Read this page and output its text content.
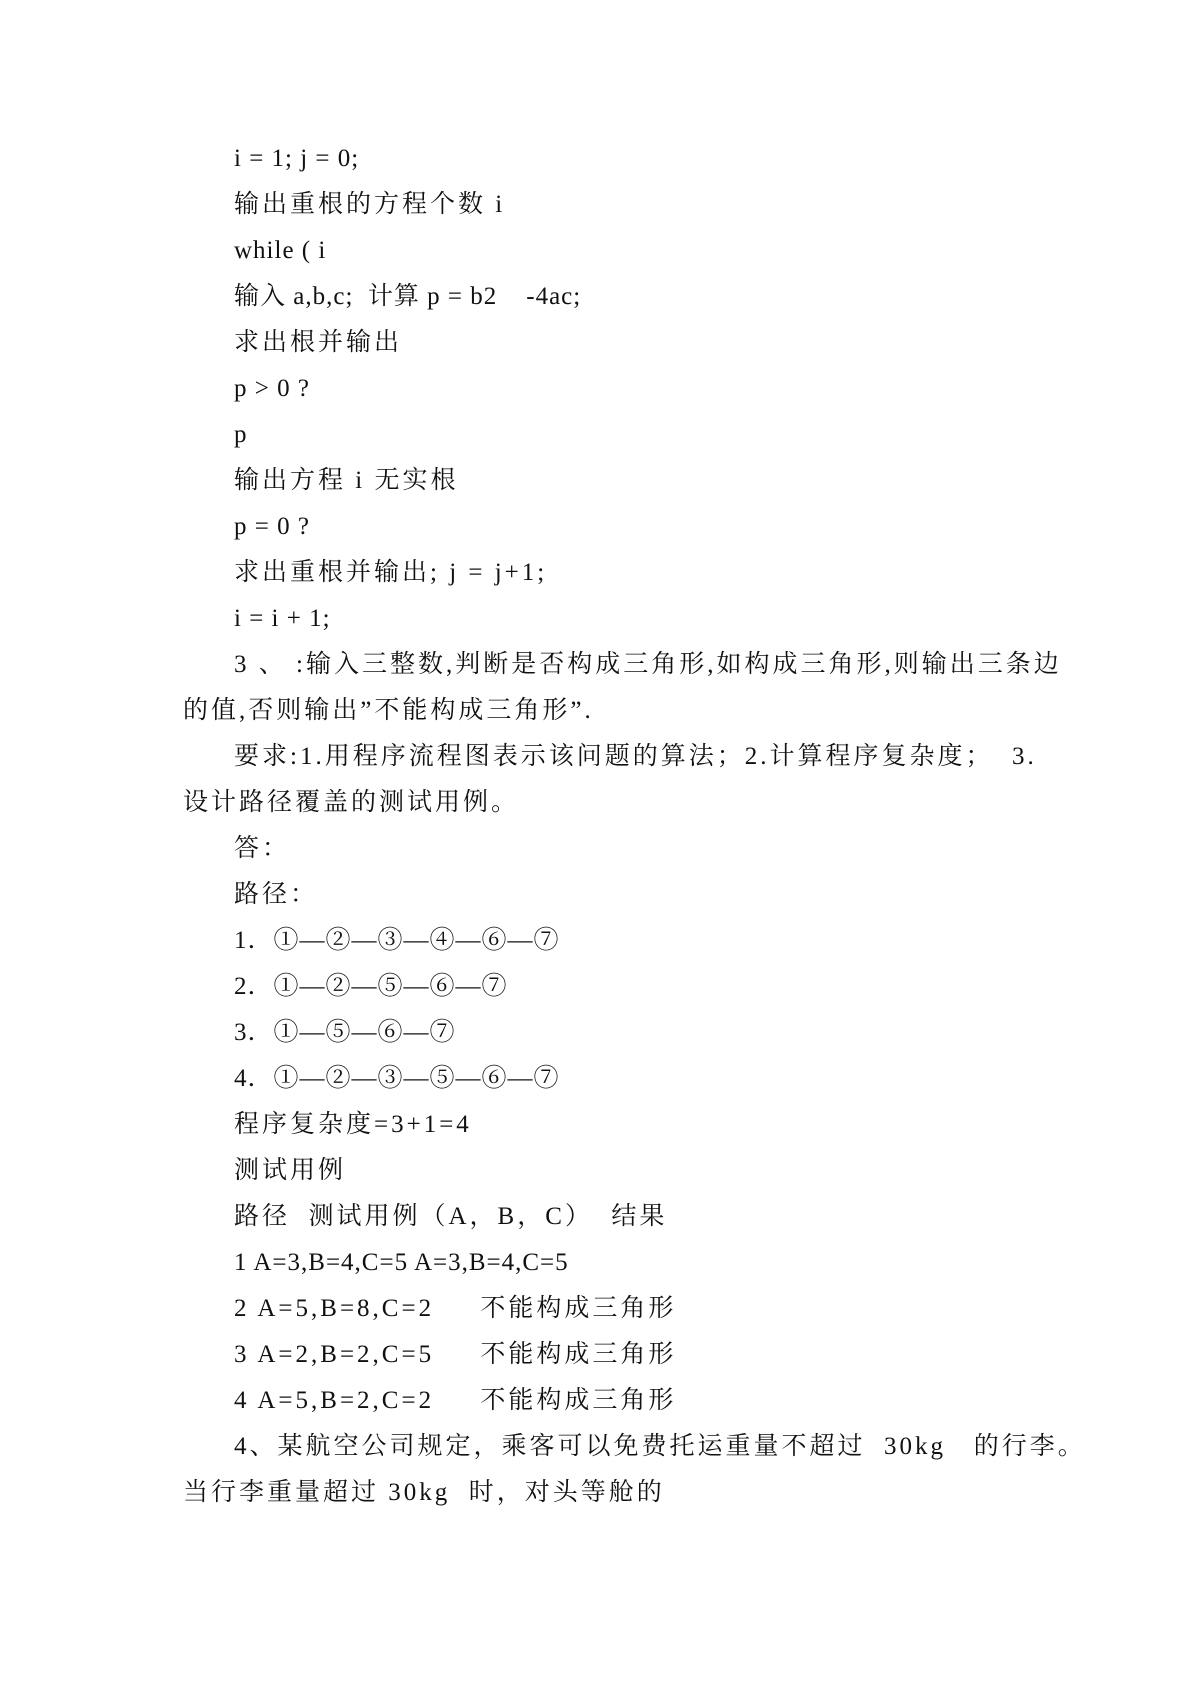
i = 1; j = 0;
输出重根的方程个数 i
while ( i
输入 a,b,c;  计算 p = b2    -4ac;
求出根并输出
p > 0 ?
p
输出方程 i 无实根
p = 0 ?
求出重根并输出; j = j+1;
i = i + 1;
3 、 :输入三整数,判断是否构成三角形,如构成三角形,则输出三条边
的值,否则输出”不能构成三角形”.
要求:1.用程序流程图表示该问题的算法；2.计算程序复杂度；  3.
设计路径覆盖的测试用例。
答：
路径：
1．①—②—③—④—⑥—⑦
2．①—②—⑤—⑥—⑦
3．①—⑤—⑥—⑦
4．①—②—③—⑤—⑥—⑦
程序复杂度=3+1=4
测试用例
路径  测试用例（A，B，C）  结果
1 A=3,B=4,C=5 A=3,B=4,C=5
2 A=5,B=8,C=2     不能构成三角形
3 A=2,B=2,C=5     不能构成三角形
4 A=5,B=2,C=2     不能构成三角形
4、某航空公司规定，乘客可以免费托运重量不超过  30kg   的行李。
当行李重量超过 30kg  时，对头等舱的
